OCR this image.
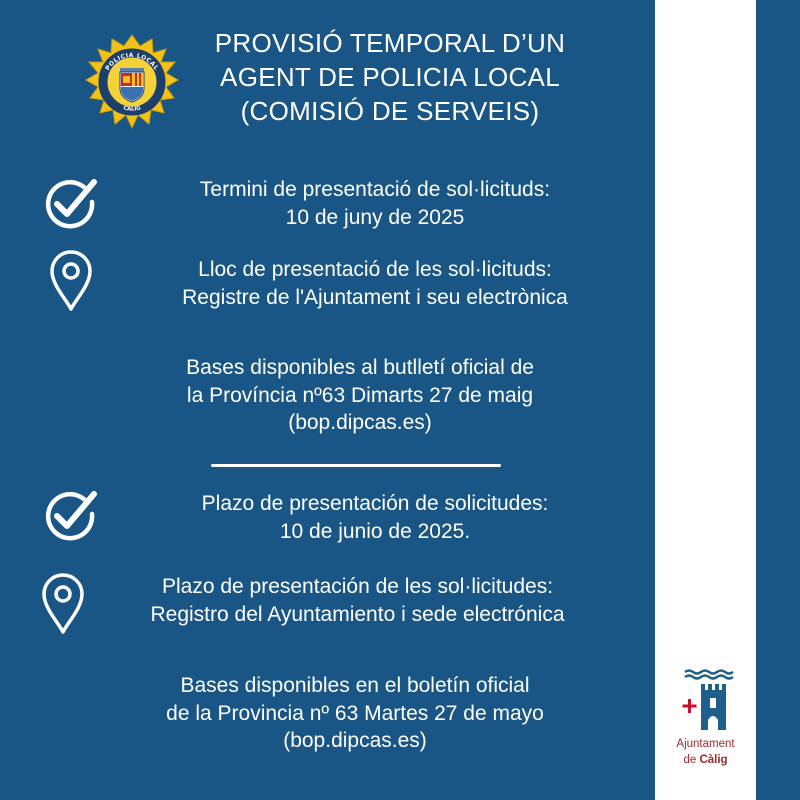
POLICIA LOCAL
CÀLIG
PROVISIÓ TEMPORAL D’UN
AGENT DE POLICIA LOCAL
(COMISIÓ DE SERVEIS)
Termini de presentació de sol·licituds:
10 de juny de 2025
Lloc de presentació de les sol·licituds:
Registre de l'Ajuntament i seu electrònica
Bases disponibles al butlletí oficial de
la Província nº63 Dimarts 27 de maig
(bop.dipcas.es)
Plazo de presentación de solicitudes:
10 de junio de 2025.
Plazo de presentación de les sol·licitudes:
Registro del Ayuntamiento i sede electrónica
Bases disponibles en el boletín oficial
de la Provincia nº 63 Martes 27 de mayo
(bop.dipcas.es)	Ajuntament
de Càlig
